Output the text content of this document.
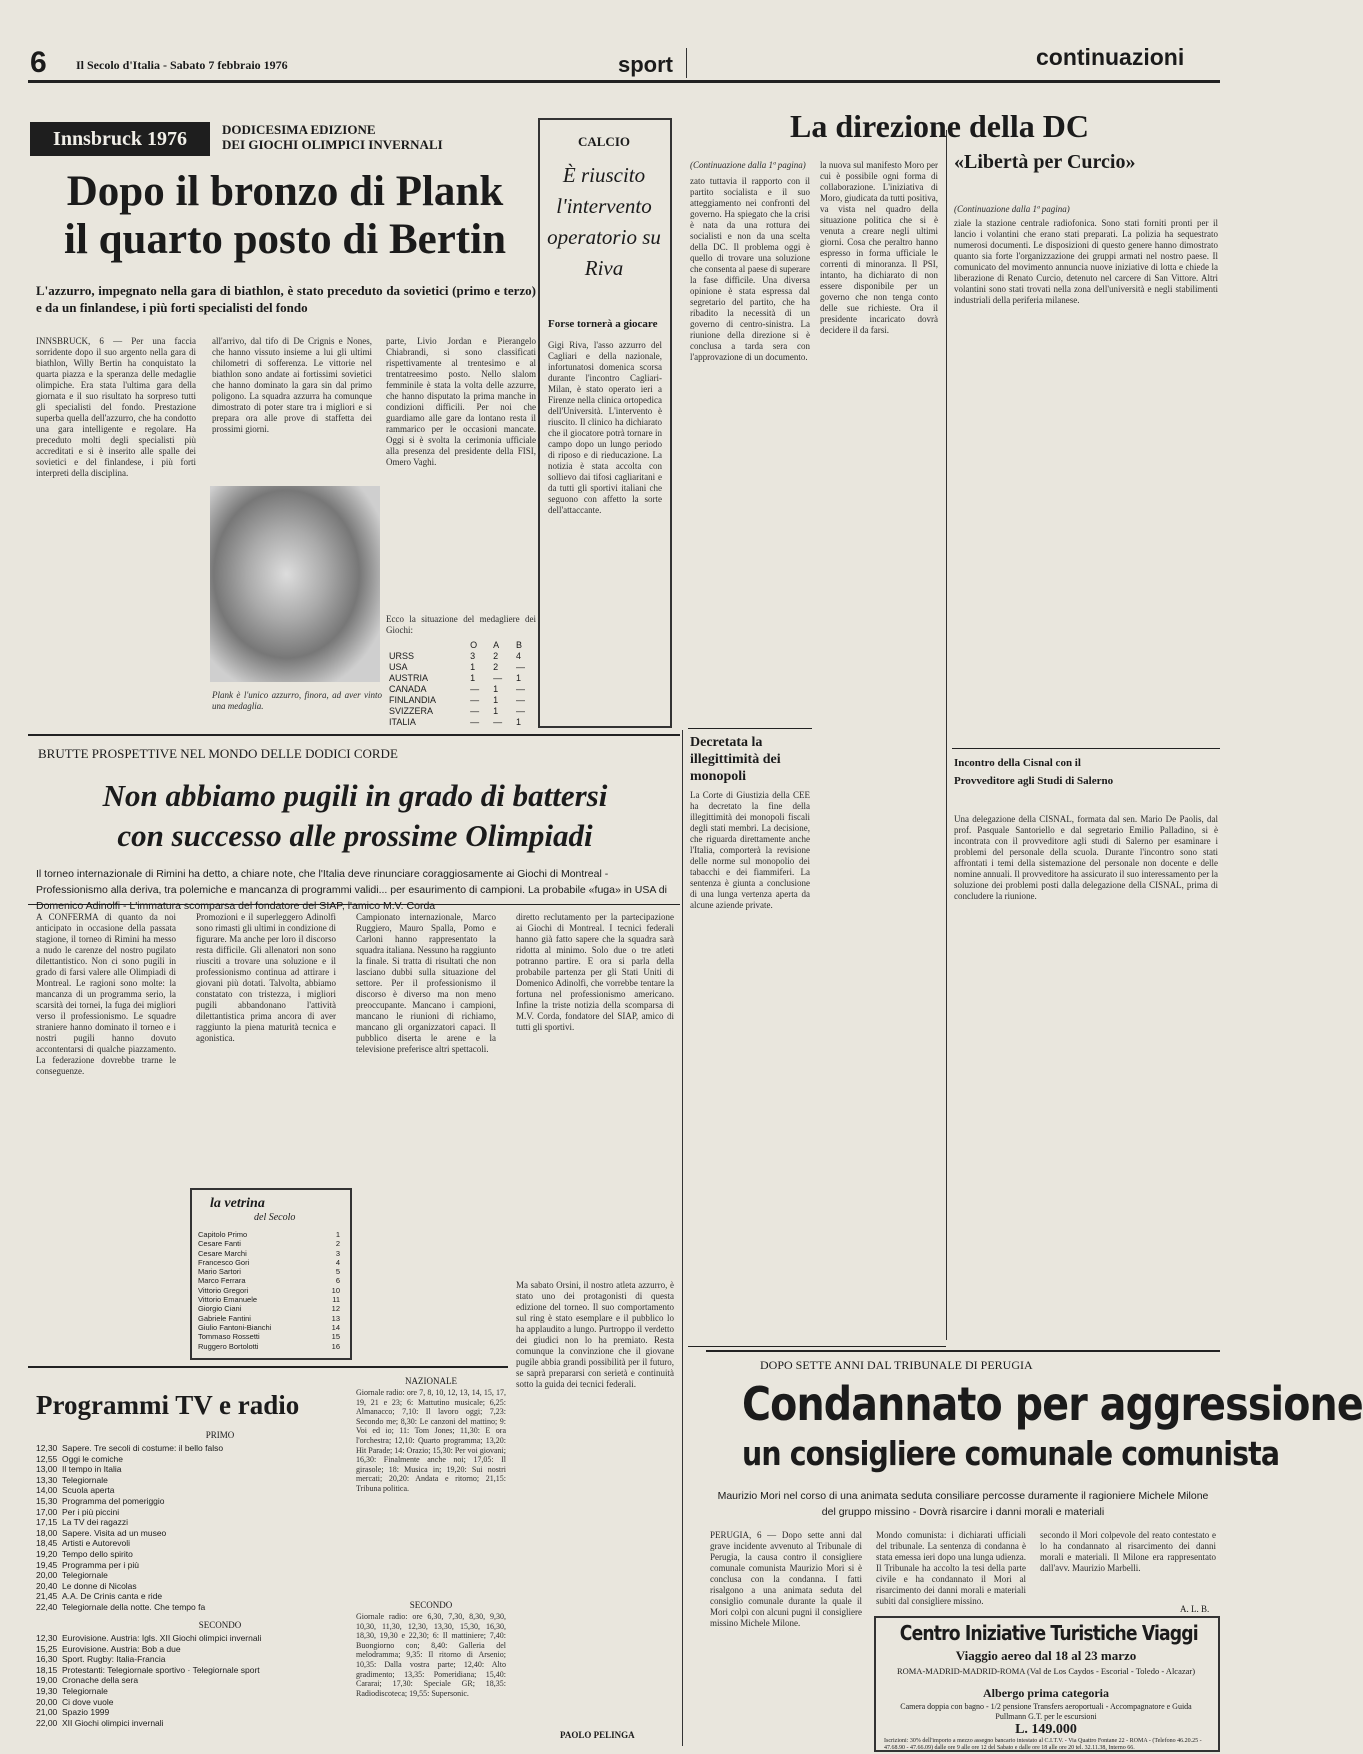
6 Il Secolo d'Italia - Sabato 7 febbraio 1976	sport	continuazioni
Innsbruck 1976	DODICESIMA EDIZIONE
DEI GIOCHI OLIMPICI INVERNALI
Dopo il bronzo di Plank
il quarto posto di Bertin
L'azzurro, impegnato nella gara di biathlon, è stato preceduto da sovietici (primo e terzo) e da un finlandese, i più forti specialisti del fondo
INNSBRUCK, 6 — Per una faccia sorridente dopo il suo argento nella gara di biathlon, Willy Bertin ha conquistato la quarta piazza e la speranza delle medaglie olimpiche. Era stata l'ultima gara della giornata e il suo risultato ha sorpreso tutti gli specialisti del fondo. Prestazione superba quella dell'azzurro, che ha condotto una gara intelligente e regolare. Ha preceduto molti degli specialisti più accreditati e si è inserito alle spalle dei sovietici e del finlandese, i più forti interpreti della disciplina.
all'arrivo, dal tifo di De Crignis e Nones, che hanno vissuto insieme a lui gli ultimi chilometri di sofferenza. Le vittorie nel biathlon sono andate ai fortissimi sovietici che hanno dominato la gara sin dal primo poligono. La squadra azzurra ha comunque dimostrato di poter stare tra i migliori e si prepara ora alle prove di staffetta dei prossimi giorni.
parte, Livio Jordan e Pierangelo Chiabrandi, si sono classificati rispettivamente al trentesimo e al trentatreesimo posto. Nello slalom femminile è stata la volta delle azzurre, che hanno disputato la prima manche in condizioni difficili. Per noi che guardiamo alle gare da lontano resta il rammarico per le occasioni mancate. Oggi si è svolta la cerimonia ufficiale alla presenza del presidente della FISI, Omero Vaghi.
Plank è l'unico azzurro, finora, ad aver vinto una medaglia.
Ecco la situazione del medagliere dei Giochi:
	O	A	B
URSS	3	2	4
USA	1	2	—
AUSTRIA	1	—	1
CANADA	—	1	—
FINLANDIA	—	1	—
SVIZZERA	—	1	—
ITALIA	—	—	1
CALCIO
È riuscito l'intervento operatorio su Riva
Forse tornerà a giocare
Gigi Riva, l'asso azzurro del Cagliari e della nazionale, infortunatosi domenica scorsa durante l'incontro Cagliari-Milan, è stato operato ieri a Firenze nella clinica ortopedica dell'Università. L'intervento è riuscito. Il clinico ha dichiarato che il giocatore potrà tornare in campo dopo un lungo periodo di riposo e di rieducazione. La notizia è stata accolta con sollievo dai tifosi cagliaritani e da tutti gli sportivi italiani che seguono con affetto la sorte dell'attaccante.
La direzione della DC
(Continuazione dalla 1ª pagina)
zato tuttavia il rapporto con il partito socialista e il suo atteggiamento nei confronti del governo. Ha spiegato che la crisi è nata da una rottura dei socialisti e non da una scelta della DC. Il problema oggi è quello di trovare una soluzione che consenta al paese di superare la fase difficile. Una diversa opinione è stata espressa dal segretario del partito, che ha ribadito la necessità di un governo di centro-sinistra. La riunione della direzione si è conclusa a tarda sera con l'approvazione di un documento.
la nuova sul manifesto Moro per cui è possibile ogni forma di collaborazione. L'iniziativa di Moro, giudicata da tutti positiva, va vista nel quadro della situazione politica che si è venuta a creare negli ultimi giorni. Cosa che peraltro hanno espresso in forma ufficiale le correnti di minoranza. Il PSI, intanto, ha dichiarato di non essere disponibile per un governo che non tenga conto delle sue richieste. Ora il presidente incaricato dovrà decidere il da farsi.
Decretata la illegittimità dei monopoli
La Corte di Giustizia della CEE ha decretato la fine della illegittimità dei monopoli fiscali degli stati membri. La decisione, che riguarda direttamente anche l'Italia, comporterà la revisione delle norme sul monopolio dei tabacchi e dei fiammiferi. La sentenza è giunta a conclusione di una lunga vertenza aperta da alcune aziende private.
«Libertà per Curcio»
(Continuazione dalla 1ª pagina)
ziale la stazione centrale radiofonica. Sono stati forniti pronti per il lancio i volantini che erano stati preparati. La polizia ha sequestrato numerosi documenti. Le disposizioni di questo genere hanno dimostrato quanto sia forte l'organizzazione dei gruppi armati nel nostro paese. Il comunicato del movimento annuncia nuove iniziative di lotta e chiede la liberazione di Renato Curcio, detenuto nel carcere di San Vittore. Altri volantini sono stati trovati nella zona dell'università e negli stabilimenti industriali della periferia milanese.
Incontro della Cisnal con il Provveditore agli Studi di Salerno
Una delegazione della CISNAL, formata dal sen. Mario De Paolis, dal prof. Pasquale Santoriello e dal segretario Emilio Palladino, si è incontrata con il provveditore agli studi di Salerno per esaminare i problemi del personale della scuola. Durante l'incontro sono stati affrontati i temi della sistemazione del personale non docente e delle nomine annuali. Il provveditore ha assicurato il suo interessamento per la soluzione dei problemi posti dalla delegazione della CISNAL, prima di concludere la riunione.
BRUTTE PROSPETTIVE NEL MONDO DELLE DODICI CORDE
Non abbiamo pugili in grado di battersi
con successo alle prossime Olimpiadi
Il torneo internazionale di Rimini ha detto, a chiare note, che l'Italia deve rinunciare coraggiosamente ai Giochi di Montreal - Professionismo alla deriva, tra polemiche e mancanza di programmi validi... per esaurimento di campioni. La probabile «fuga» in USA di Domenico Adinolfi - L'immatura scomparsa del fondatore del SIAP, l'amico M.V. Corda
A CONFERMA di quanto da noi anticipato in occasione della passata stagione, il torneo di Rimini ha messo a nudo le carenze del nostro pugilato dilettantistico. Non ci sono pugili in grado di farsi valere alle Olimpiadi di Montreal. Le ragioni sono molte: la mancanza di un programma serio, la scarsità dei tornei, la fuga dei migliori verso il professionismo. Le squadre straniere hanno dominato il torneo e i nostri pugili hanno dovuto accontentarsi di qualche piazzamento. La federazione dovrebbe trarne le conseguenze.
Promozioni e il superleggero Adinolfi sono rimasti gli ultimi in condizione di figurare. Ma anche per loro il discorso resta difficile. Gli allenatori non sono riusciti a trovare una soluzione e il professionismo continua ad attirare i giovani più dotati. Talvolta, abbiamo constatato con tristezza, i migliori pugili abbandonano l'attività dilettantistica prima ancora di aver raggiunto la piena maturità tecnica e agonistica.
Campionato internazionale, Marco Ruggiero, Mauro Spalla, Pomo e Carloni hanno rappresentato la squadra italiana. Nessuno ha raggiunto la finale. Si tratta di risultati che non lasciano dubbi sulla situazione del settore. Per il professionismo il discorso è diverso ma non meno preoccupante. Mancano i campioni, mancano le riunioni di richiamo, mancano gli organizzatori capaci. Il pubblico diserta le arene e la televisione preferisce altri spettacoli.
diretto reclutamento per la partecipazione ai Giochi di Montreal. I tecnici federali hanno già fatto sapere che la squadra sarà ridotta al minimo. Solo due o tre atleti potranno partire. E ora si parla della probabile partenza per gli Stati Uniti di Domenico Adinolfi, che vorrebbe tentare la fortuna nel professionismo americano. Infine la triste notizia della scomparsa di M.V. Corda, fondatore del SIAP, amico di tutti gli sportivi.
la vetrina
del Secolo
Capitolo Primo	1
Cesare Fanti	2
Cesare Marchi	3
Francesco Gori	4
Mario Sartori	5
Marco Ferrara	6
Vittorio Gregori	10
Vittorio Emanuele	11
Giorgio Ciani	12
Gabriele Fantini	13
Giulio Fantoni-Bianchi	14
Tommaso Rossetti	15
Ruggero Bortolotti	16
Programmi TV e radio
PRIMO
12,30 Sapere. Tre secoli di costume: il bello falso
12,55 Oggi le comiche
13,00 Il tempo in Italia
13,30 Telegiornale
14,00 Scuola aperta
15,30 Programma del pomeriggio
17,00 Per i più piccini
17,15 La TV dei ragazzi
18,00 Sapere. Visita ad un museo
18,45 Artisti e Autorevoli
19,20 Tempo dello spirito
19,45 Programma per i più
20,00 Telegiornale
20,40 Le donne di Nicolas
21,45 A.A. De Crinis canta e ride
22,40 Telegiornale della notte. Che tempo fa
SECONDO
12,30 Eurovisione. Austria: Igls. XII Giochi olimpici invernali
15,25 Eurovisione. Austria: Bob a due
16,30 Sport. Rugby: Italia-Francia
18,15 Protestanti: Telegiornale sportivo · Telegiornale sport
19,00 Cronache della sera
19,30 Telegiornale
20,00 Ci dove vuole
21,00 Spazio 1999
22,00 XII Giochi olimpici invernali
NAZIONALE
Giornale radio: ore 7, 8, 10, 12, 13, 14, 15, 17, 19, 21 e 23; 6: Mattutino musicale; 6,25: Almanacco; 7,10: Il lavoro oggi; 7,23: Secondo me; 8,30: Le canzoni del mattino; 9: Voi ed io; 11: Tom Jones; 11,30: E ora l'orchestra; 12,10: Quarto programma; 13,20: Hit Parade; 14: Orazio; 15,30: Per voi giovani; 16,30: Finalmente anche noi; 17,05: Il girasole; 18: Musica in; 19,20: Sui nostri mercati; 20,20: Andata e ritorno; 21,15: Tribuna politica.
SECONDO
Giornale radio: ore 6,30, 7,30, 8,30, 9,30, 10,30, 11,30, 12,30, 13,30, 15,30, 16,30, 18,30, 19,30 e 22,30; 6: Il mattiniere; 7,40: Buongiorno con; 8,40: Galleria del melodramma; 9,35: Il ritorno di Arsenio; 10,35: Dalla vostra parte; 12,40: Alto gradimento; 13,35: Pomeridiana; 15,40: Cararai; 17,30: Speciale GR; 18,35: Radiodiscoteca; 19,55: Supersonic.
Ma sabato Orsini, il nostro atleta azzurro, è stato uno dei protagonisti di questa edizione del torneo. Il suo comportamento sul ring è stato esemplare e il pubblico lo ha applaudito a lungo. Purtroppo il verdetto dei giudici non lo ha premiato. Resta comunque la convinzione che il giovane pugile abbia grandi possibilità per il futuro, se saprà prepararsi con serietà e continuità sotto la guida dei tecnici federali.
PAOLO PELINGA
DOPO SETTE ANNI DAL TRIBUNALE DI PERUGIA
Condannato per aggressione
un consigliere comunale comunista
Maurizio Mori nel corso di una animata seduta consiliare percosse duramente il ragioniere Michele Milone del gruppo missino - Dovrà risarcire i danni morali e materiali
PERUGIA, 6 — Dopo sette anni dal grave incidente avvenuto al Tribunale di Perugia, la causa contro il consigliere comunale comunista Maurizio Mori si è conclusa con la condanna. I fatti risalgono a una animata seduta del consiglio comunale durante la quale il Mori colpì con alcuni pugni il consigliere missino Michele Milone.
Mondo comunista: i dichiarati ufficiali del tribunale. La sentenza di condanna è stata emessa ieri dopo una lunga udienza. Il Tribunale ha accolto la tesi della parte civile e ha condannato il Mori al risarcimento dei danni morali e materiali subiti dal consigliere missino.
secondo il Mori colpevole del reato contestato e lo ha condannato al risarcimento dei danni morali e materiali. Il Milone era rappresentato dall'avv. Maurizio Marbelli.
A. L. B.
Centro Iniziative Turistiche Viaggi
Viaggio aereo dal 18 al 23 marzo
ROMA-MADRID-MADRID-ROMA (Val de Los Caydos - Escorial - Toledo - Alcazar)
Albergo prima categoria
Camera doppia con bagno - 1/2 pensione Transfers aeroportuali - Accompagnatore e Guida Pullmann G.T. per le escursioni
L. 149.000
Iscrizioni: 30% dell'importo a mezzo assegno bancario intestato al C.I.T.V. - Via Quattro Fontane 22 - ROMA - (Telefono 46.20.25 - 47.68.90 - 47.66.09) dalle ore 9 alle ore 12 del Sabato e dalle ore 18 alle ore 20 tel. 32.11.38, Interno 66.
